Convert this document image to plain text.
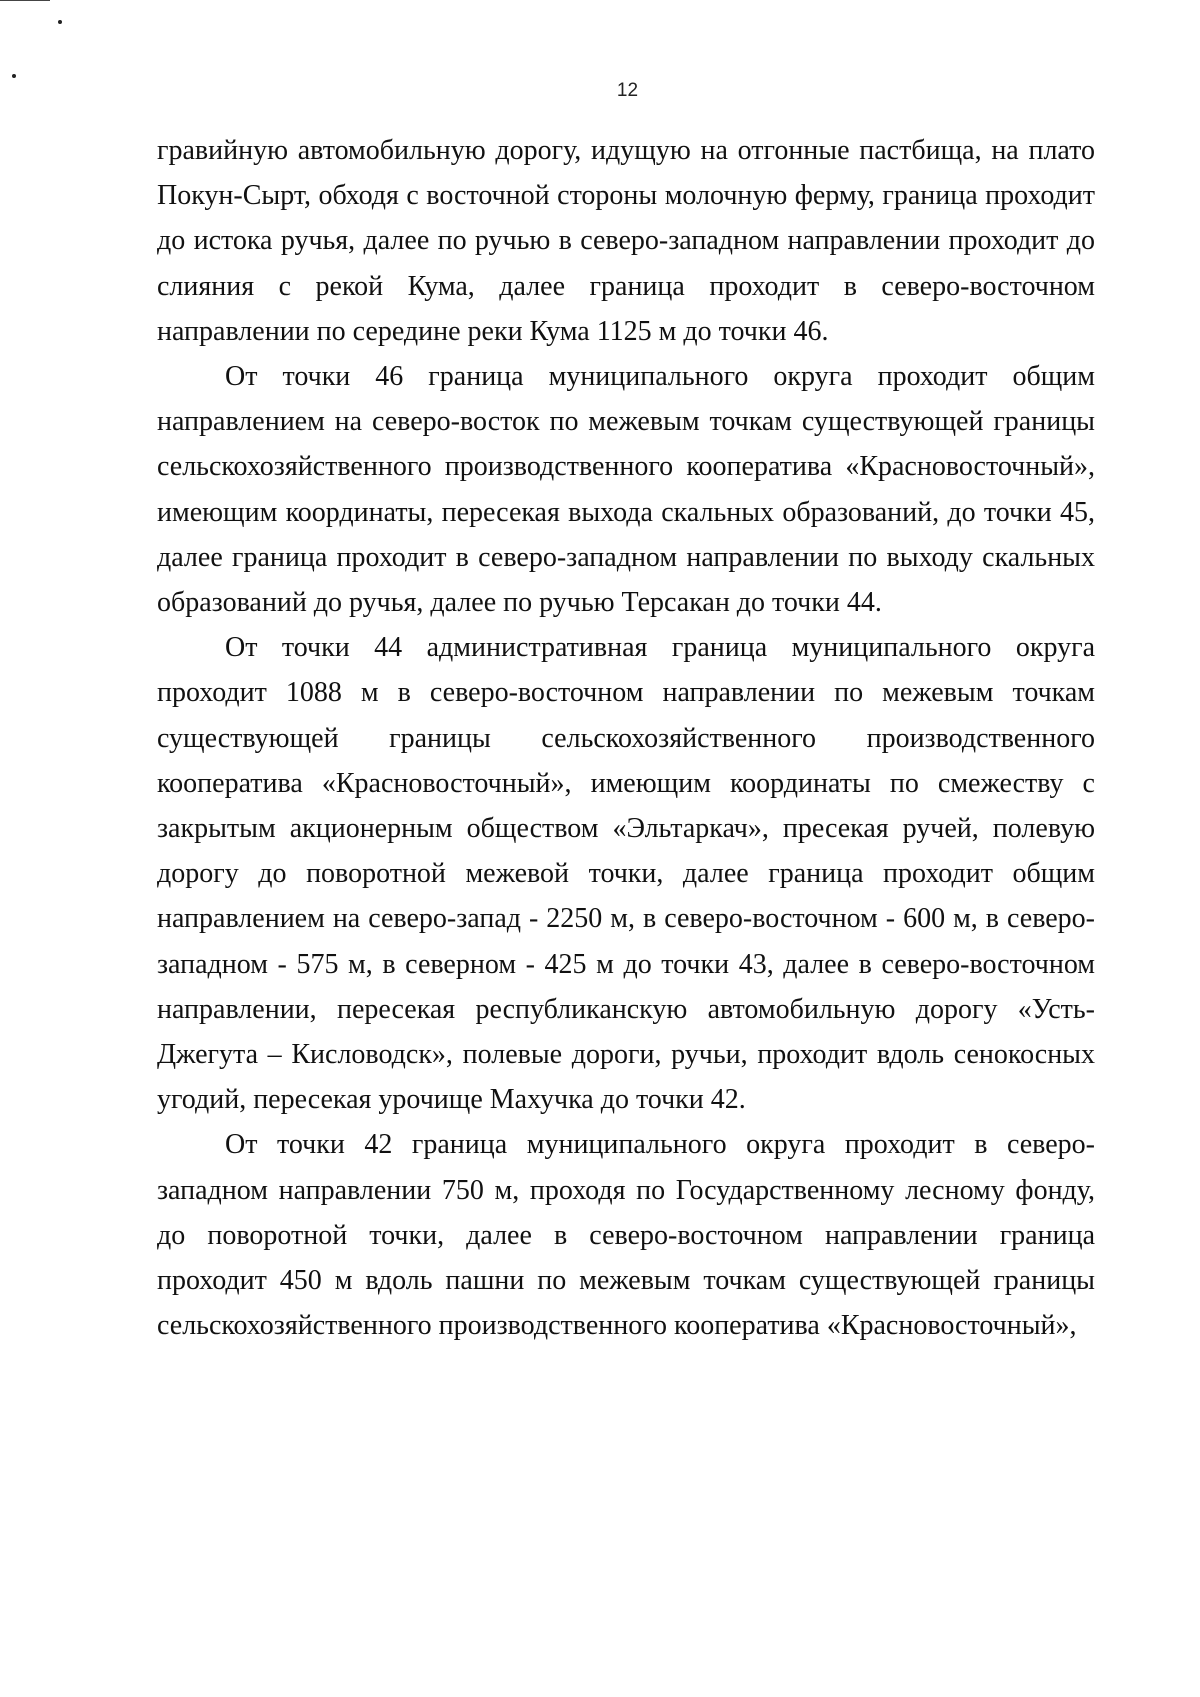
12

гравийную автомобильную дорогу, идущую на отгонные пастбища, на плато Покун-Сырт, обходя с восточной стороны молочную ферму, граница проходит до истока ручья, далее по ручью в северо-западном направлении проходит до слияния с рекой Кума, далее граница проходит в северо-восточном направлении по середине реки Кума 1125 м до точки 46.

От точки 46 граница муниципального округа проходит общим направлением на северо-восток по межевым точкам существующей границы сельскохозяйственного производственного кооператива «Красновосточный», имеющим координаты, пересекая выхода скальных образований, до точки 45, далее граница проходит в северо-западном направлении по выходу скальных образований до ручья, далее по ручью Терсакан до точки 44.

От точки 44 административная граница муниципального округа проходит 1088 м в северо-восточном направлении по межевым точкам существующей границы сельскохозяйственного производственного кооператива «Красновосточный», имеющим координаты по смежеству с закрытым акционерным обществом «Эльтаркач», пресекая ручей, полевую дорогу до поворотной межевой точки, далее граница проходит общим направлением на северо-запад - 2250 м, в северо-восточном - 600 м, в северо-западном - 575 м, в северном - 425 м до точки 43, далее в северо-восточном направлении, пересекая республиканскую автомобильную дорогу «Усть-Джегута – Кисловодск», полевые дороги, ручьи, проходит вдоль сенокосных угодий, пересекая урочище Махучка до точки 42.

От точки 42 граница муниципального округа проходит в северо-западном направлении 750 м, проходя по Государственному лесному фонду, до поворотной точки, далее в северо-восточном направлении граница проходит 450 м вдоль пашни по межевым точкам существующей границы сельскохозяйственного производственного кооператива «Красновосточный»,
